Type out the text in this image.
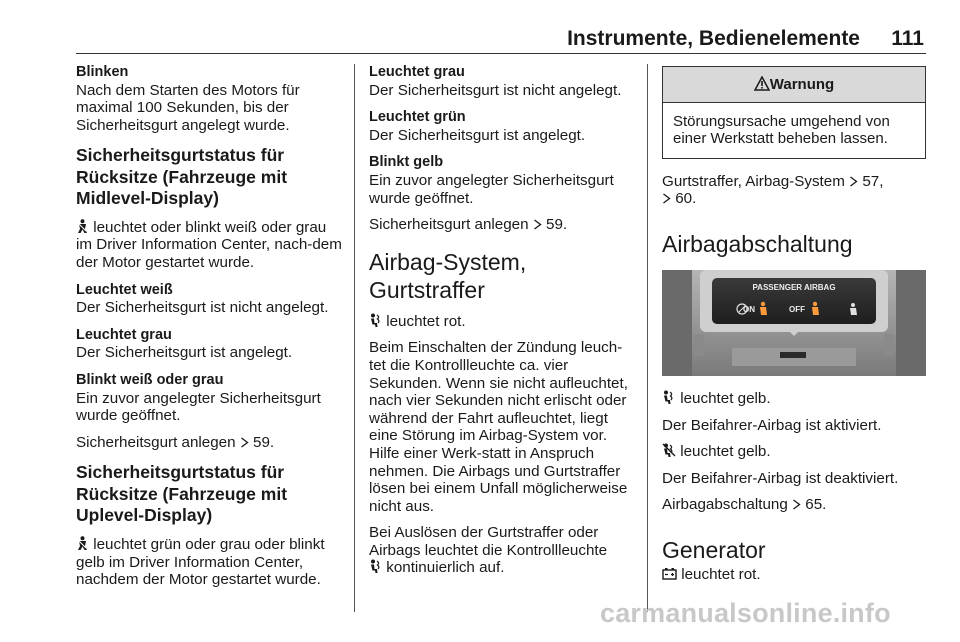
Instrumente, Bedienelemente 111
Blinken
Nach dem Starten des Motors für maximal 100 Sekunden, bis der Sicherheitsgurt angelegt wurde.
Sicherheitsgurtstatus für Rücksitze (Fahrzeuge mit Midlevel-Display)
leuchtet oder blinkt weiß oder grau im Driver Information Center, nach-dem der Motor gestartet wurde.
Leuchtet weiß
Der Sicherheitsgurt ist nicht angelegt.
Leuchtet grau
Der Sicherheitsgurt ist angelegt.
Blinkt weiß oder grau
Ein zuvor angelegter Sicherheitsgurt wurde geöffnet.
Sicherheitsgurt anlegen  59.
Sicherheitsgurtstatus für Rücksitze (Fahrzeuge mit Uplevel-Display)
leuchtet grün oder grau oder blinkt gelb im Driver Information Center, nachdem der Motor gestartet wurde.
Leuchtet grau
Der Sicherheitsgurt ist nicht angelegt.
Leuchtet grün
Der Sicherheitsgurt ist angelegt.
Blinkt gelb
Ein zuvor angelegter Sicherheitsgurt wurde geöffnet.
Sicherheitsgurt anlegen  59.
Airbag-System, Gurtstraffer
leuchtet rot.
Beim Einschalten der Zündung leuch-tet die Kontrollleuchte ca. vier Sekunden. Wenn sie nicht aufleuchtet, nach vier Sekunden nicht erlischt oder während der Fahrt aufleuchtet, liegt eine Störung im Airbag-System vor. Hilfe einer Werk-statt in Anspruch nehmen. Die Airbags und Gurtstraffer lösen bei einem Unfall möglicherweise nicht aus.
Bei Auslösen der Gurtstraffer oder Airbags leuchtet die Kontrollleuchte
kontinuierlich auf.
Warnung
Störungsursache umgehend von einer Werkstatt beheben lassen.
Gurtstraffer, Airbag-System  57,
60.
Airbagabschaltung
PASSENGER AIRBAG
ON	OFF
leuchtet gelb.
Der Beifahrer-Airbag ist aktiviert.
leuchtet gelb.
Der Beifahrer-Airbag ist deaktiviert.
Airbagabschaltung  65.
Generator
leuchtet rot.
carmanualsonline.info
